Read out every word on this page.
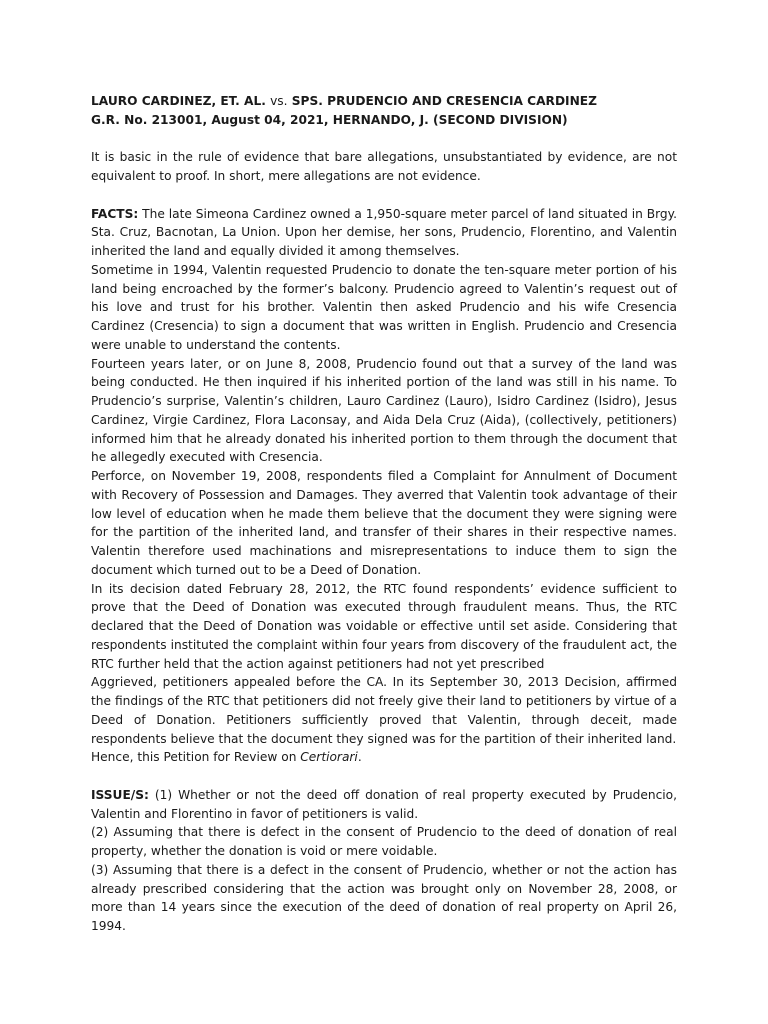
LAURO CARDINEZ, ET. AL. vs. SPS. PRUDENCIO AND CRESENCIA CARDINEZ
G.R. No. 213001, August 04, 2021, HERNANDO, J. (SECOND DIVISION)

It is basic in the rule of evidence that bare allegations, unsubstantiated by evidence, are not equivalent to proof. In short, mere allegations are not evidence.

FACTS: The late Simeona Cardinez owned a 1,950-square meter parcel of land situated in Brgy. Sta. Cruz, Bacnotan, La Union. Upon her demise, her sons, Prudencio, Florentino, and Valentin inherited the land and equally divided it among themselves.

Sometime in 1994, Valentin requested Prudencio to donate the ten-square meter portion of his land being encroached by the former’s balcony. Prudencio agreed to Valentin’s request out of his love and trust for his brother. Valentin then asked Prudencio and his wife Cresencia Cardinez (Cresencia) to sign a document that was written in English. Prudencio and Cresencia were unable to understand the contents.

Fourteen years later, or on June 8, 2008, Prudencio found out that a survey of the land was being conducted. He then inquired if his inherited portion of the land was still in his name. To Prudencio’s surprise, Valentin’s children, Lauro Cardinez (Lauro), Isidro Cardinez (Isidro), Jesus Cardinez, Virgie Cardinez, Flora Laconsay, and Aida Dela Cruz (Aida), (collectively, petitioners) informed him that he already donated his inherited portion to them through the document that he allegedly executed with Cresencia.

Perforce, on November 19, 2008, respondents filed a Complaint for Annulment of Document with Recovery of Possession and Damages. They averred that Valentin took advantage of their low level of education when he made them believe that the document they were signing were for the partition of the inherited land, and transfer of their shares in their respective names. Valentin therefore used machinations and misrepresentations to induce them to sign the document which turned out to be a Deed of Donation.

In its decision dated February 28, 2012, the RTC found respondents’ evidence sufficient to prove that the Deed of Donation was executed through fraudulent means. Thus, the RTC declared that the Deed of Donation was voidable or effective until set aside. Considering that respondents instituted the complaint within four years from discovery of the fraudulent act, the RTC further held that the action against petitioners had not yet prescribed

Aggrieved, petitioners appealed before the CA. In its September 30, 2013 Decision, affirmed the findings of the RTC that petitioners did not freely give their land to petitioners by virtue of a Deed of Donation. Petitioners sufficiently proved that Valentin, through deceit, made respondents believe that the document they signed was for the partition of their inherited land.

Hence, this Petition for Review on Certiorari.

ISSUE/S: (1) Whether or not the deed off donation of real property executed by Prudencio, Valentin and Florentino in favor of petitioners is valid.

(2) Assuming that there is defect in the consent of Prudencio to the deed of donation of real property, whether the donation is void or mere voidable.

(3) Assuming that there is a defect in the consent of Prudencio, whether or not the action has already prescribed considering that the action was brought only on November 28, 2008, or more than 14 years since the execution of the deed of donation of real property on April 26, 1994.
